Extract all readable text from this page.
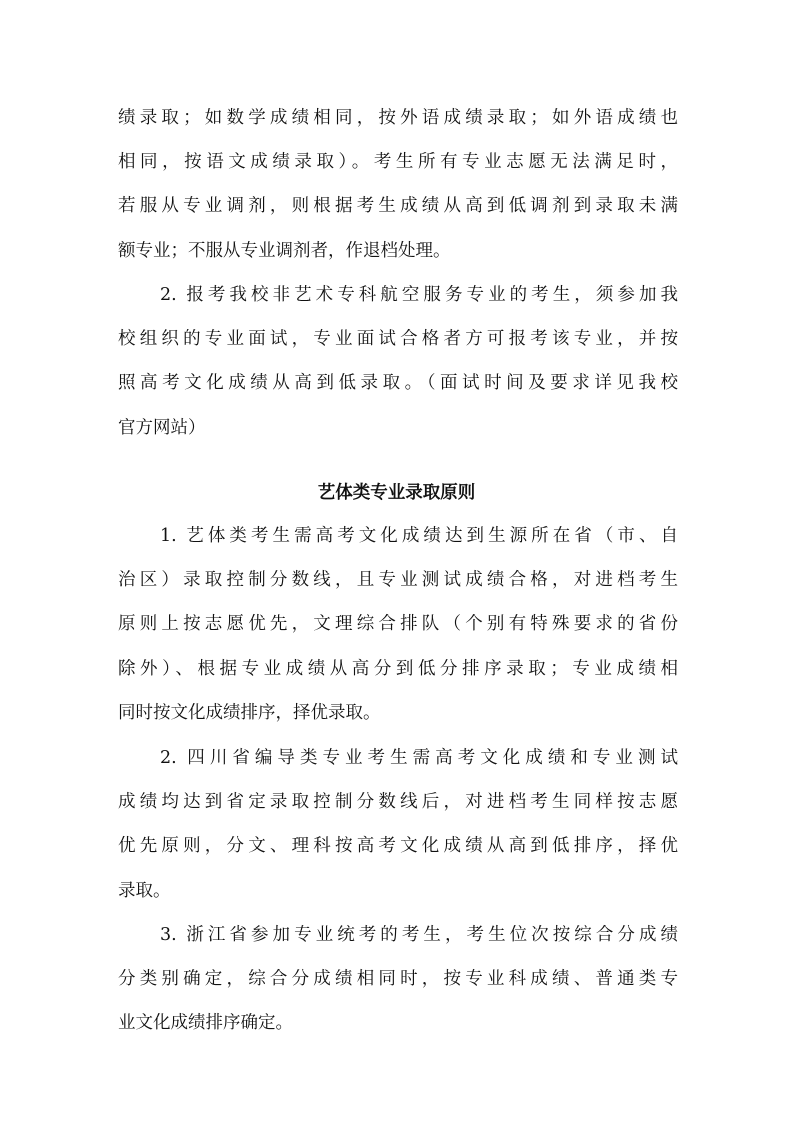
绩录取；如数学成绩相同，按外语成绩录取；如外语成绩也
相同，按语文成绩录取）。考生所有专业志愿无法满足时，
若服从专业调剂，则根据考生成绩从高到低调剂到录取未满
额专业；不服从专业调剂者，作退档处理。
2. 报考我校非艺术专科航空服务专业的考生，须参加我
校组织的专业面试，专业面试合格者方可报考该专业，并按
照高考文化成绩从高到低录取。（面试时间及要求详见我校
官方网站）
艺体类专业录取原则
1. 艺体类考生需高考文化成绩达到生源所在省（市、自
治区）录取控制分数线，且专业测试成绩合格，对进档考生
原则上按志愿优先，文理综合排队（个别有特殊要求的省份
除外）、根据专业成绩从高分到低分排序录取；专业成绩相
同时按文化成绩排序，择优录取。
2. 四川省编导类专业考生需高考文化成绩和专业测试
成绩均达到省定录取控制分数线后，对进档考生同样按志愿
优先原则，分文、理科按高考文化成绩从高到低排序，择优
录取。
3. 浙江省参加专业统考的考生，考生位次按综合分成绩
分类别确定，综合分成绩相同时，按专业科成绩、普通类专
业文化成绩排序确定。
